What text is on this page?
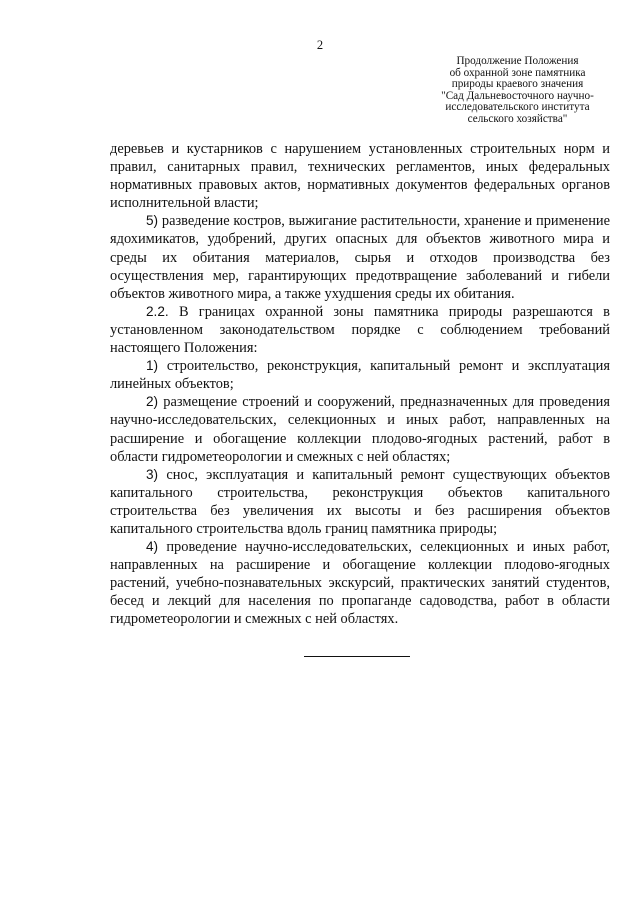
2
Продолжение Положения
об охранной зоне памятника
природы краевого значения
"Сад Дальневосточного научно-
исследовательского института
сельского хозяйства"

деревьев и кустарников с нарушением установленных строительных норм и правил, санитарных правил, технических регламентов, иных федеральных нормативных правовых актов, нормативных документов федеральных органов исполнительной власти;

5) разведение костров, выжигание растительности, хранение и применение ядохимикатов, удобрений, других опасных для объектов животного мира и среды их обитания материалов, сырья и отходов производства без осуществления мер, гарантирующих предотвращение заболеваний и гибели объектов животного мира, а также ухудшения среды их обитания.

2.2. В границах охранной зоны памятника природы разрешаются в установленном законодательством порядке с соблюдением требований настоящего Положения:

1) строительство, реконструкция, капитальный ремонт и эксплуатация линейных объектов;

2) размещение строений и сооружений, предназначенных для проведения научно-исследовательских, селекционных и иных работ, направленных на расширение и обогащение коллекции плодово-ягодных растений, работ в области гидрометеорологии и смежных с ней областях;

3) снос, эксплуатация и капитальный ремонт существующих объектов капитального строительства, реконструкция объектов капитального строительства без увеличения их высоты и без расширения объектов капитального строительства вдоль границ памятника природы;

4) проведение научно-исследовательских, селекционных и иных работ, направленных на расширение и обогащение коллекции плодово-ягодных растений, учебно-познавательных экскурсий, практических занятий студентов, бесед и лекций для населения по пропаганде садоводства, работ в области гидрометеорологии и смежных с ней областях.
